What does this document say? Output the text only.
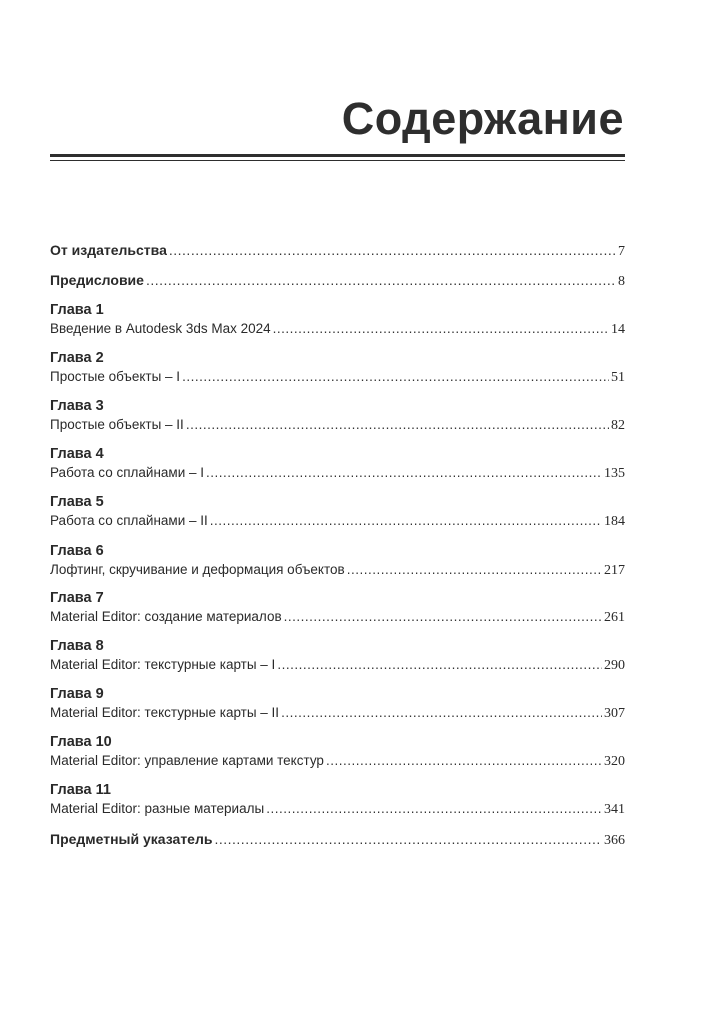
Содержание
От издательства .....	7
Предисловие .....	8
Глава 1
Введение в Autodesk 3ds Max 2024 .....	14
Глава 2
Простые объекты – I .....	51
Глава 3
Простые объекты – II .....	82
Глава 4
Работа со сплайнами – I .....	135
Глава 5
Работа со сплайнами – II .....	184
Глава 6
Лофтинг, скручивание и деформация объектов .....	217
Глава 7
Material Editor: создание материалов .....	261
Глава 8
Material Editor: текстурные карты – I .....	290
Глава 9
Material Editor: текстурные карты – II .....	307
Глава 10
Material Editor: управление картами текстур .....	320
Глава 11
Material Editor: разные материалы .....	341
Предметный указатель .....	366
